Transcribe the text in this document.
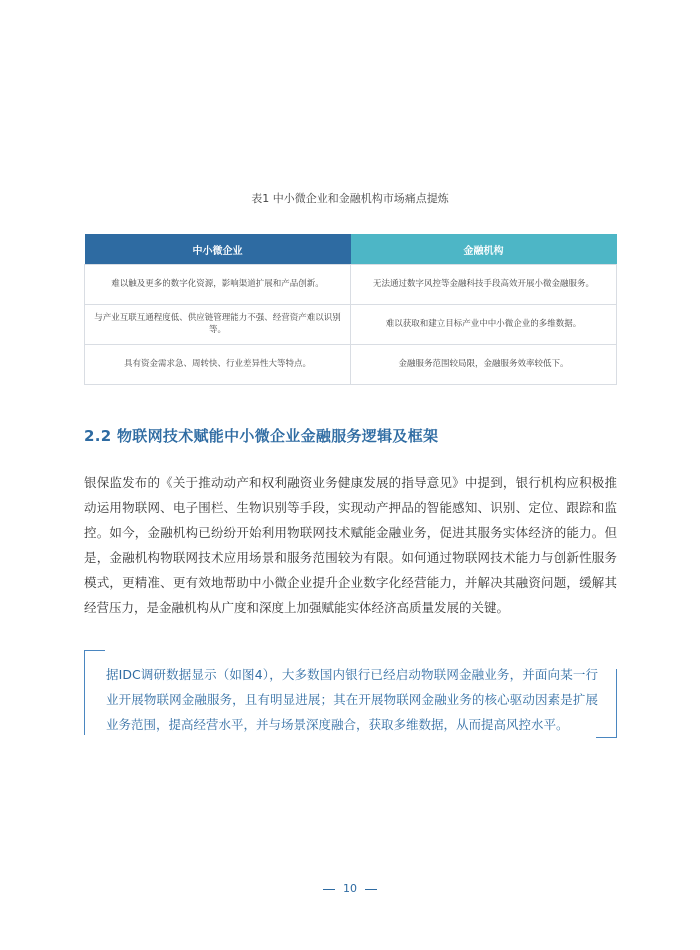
表1 中小微企业和金融机构市场痛点提炼
中小微企业	金融机构
难以触及更多的数字化资源，影响渠道扩展和产品创新。	无法通过数字风控等金融科技手段高效开展小微金融服务。
与产业互联互通程度低、供应链管理能力不强、经营资产难以识别等。	难以获取和建立目标产业中中小微企业的多维数据。
具有资金需求急、周转快、行业差异性大等特点。	金融服务范围较局限，金融服务效率较低下。
2.2 物联网技术赋能中小微企业金融服务逻辑及框架

银保监发布的《关于推动动产和权利融资业务健康发展的指导意见》中提到，银行机构应积极推动运用物联网、电子围栏、生物识别等手段，实现动产押品的智能感知、识别、定位、跟踪和监控。如今，金融机构已纷纷开始利用物联网技术赋能金融业务，促进其服务实体经济的能力。但是，金融机构物联网技术应用场景和服务范围较为有限。如何通过物联网技术能力与创新性服务模式，更精准、更有效地帮助中小微企业提升企业数字化经营能力，并解决其融资问题，缓解其经营压力，是金融机构从广度和深度上加强赋能实体经济高质量发展的关键。

据IDC调研数据显示（如图4），大多数国内银行已经启动物联网金融业务，并面向某一行业开展物联网金融服务，且有明显进展；其在开展物联网金融业务的核心驱动因素是扩展业务范围，提高经营水平，并与场景深度融合，获取多维数据，从而提高风控水平。

10
